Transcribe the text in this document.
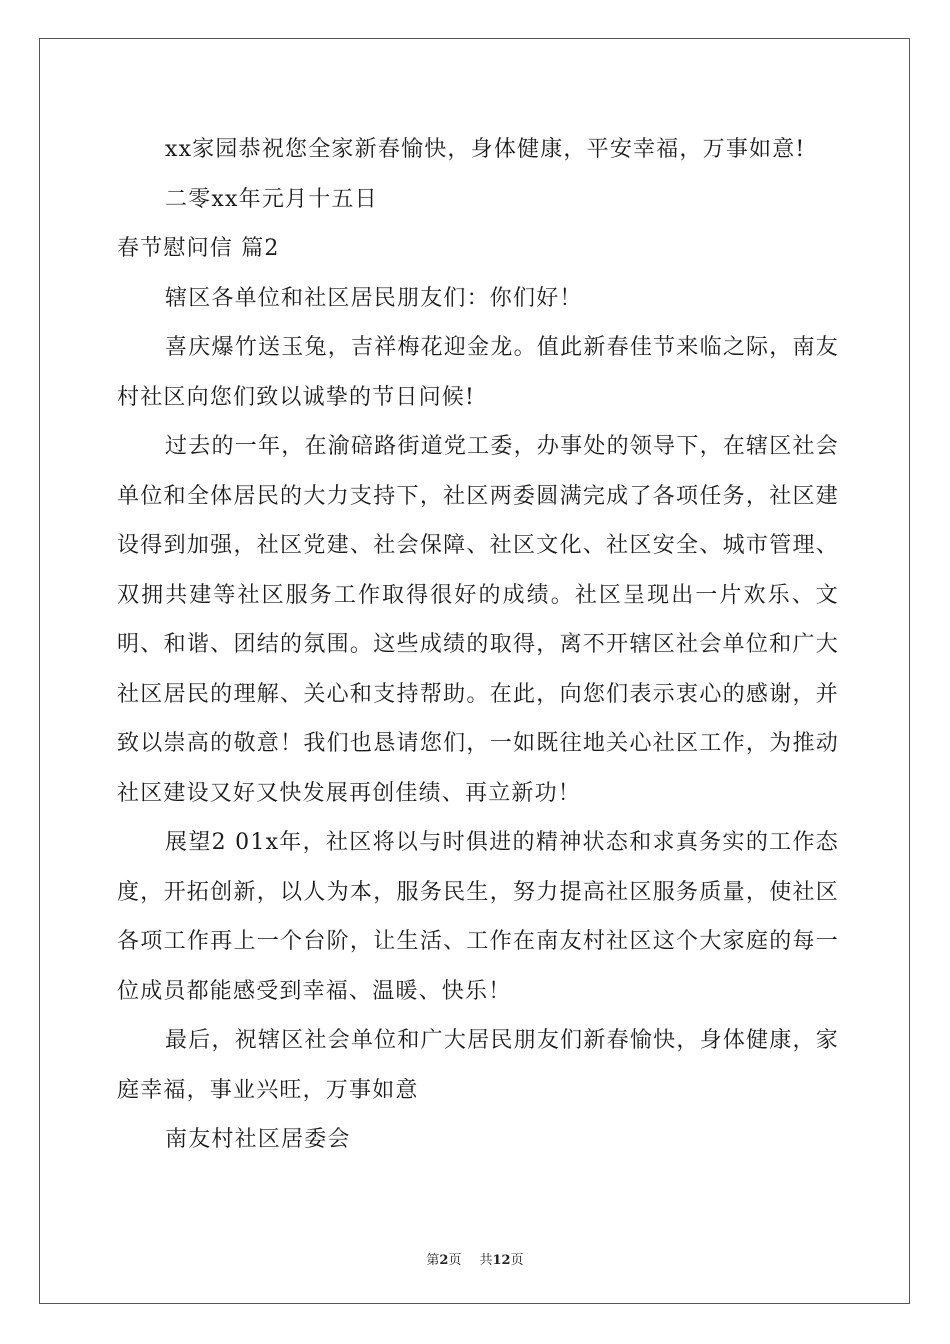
xx家园恭祝您全家新春愉快，身体健康，平安幸福，万事如意!

二零xx年元月十五日

春节慰问信 篇2

辖区各单位和社区居民朋友们：你们好！

喜庆爆竹送玉兔，吉祥梅花迎金龙。值此新春佳节来临之际，南友村社区向您们致以诚挚的节日问候!

过去的一年，在渝碚路街道党工委，办事处的领导下，在辖区社会单位和全体居民的大力支持下，社区两委圆满完成了各项任务，社区建设得到加强，社区党建、社会保障、社区文化、社区安全、城市管理、双拥共建等社区服务工作取得很好的成绩。社区呈现出一片欢乐、文明、和谐、团结的氛围。这些成绩的取得，离不开辖区社会单位和广大社区居民的理解、关心和支持帮助。在此，向您们表示衷心的感谢，并致以崇高的敬意！我们也恳请您们，一如既往地关心社区工作，为推动社区建设又好又快发展再创佳绩、再立新功！

展望2 01x年，社区将以与时俱进的精神状态和求真务实的工作态度，开拓创新，以人为本，服务民生，努力提高社区服务质量，使社区各项工作再上一个台阶，让生活、工作在南友村社区这个大家庭的每一位成员都能感受到幸福、温暖、快乐！

最后，祝辖区社会单位和广大居民朋友们新春愉快，身体健康，家庭幸福，事业兴旺，万事如意

南友村社区居委会

第2页 共12页
